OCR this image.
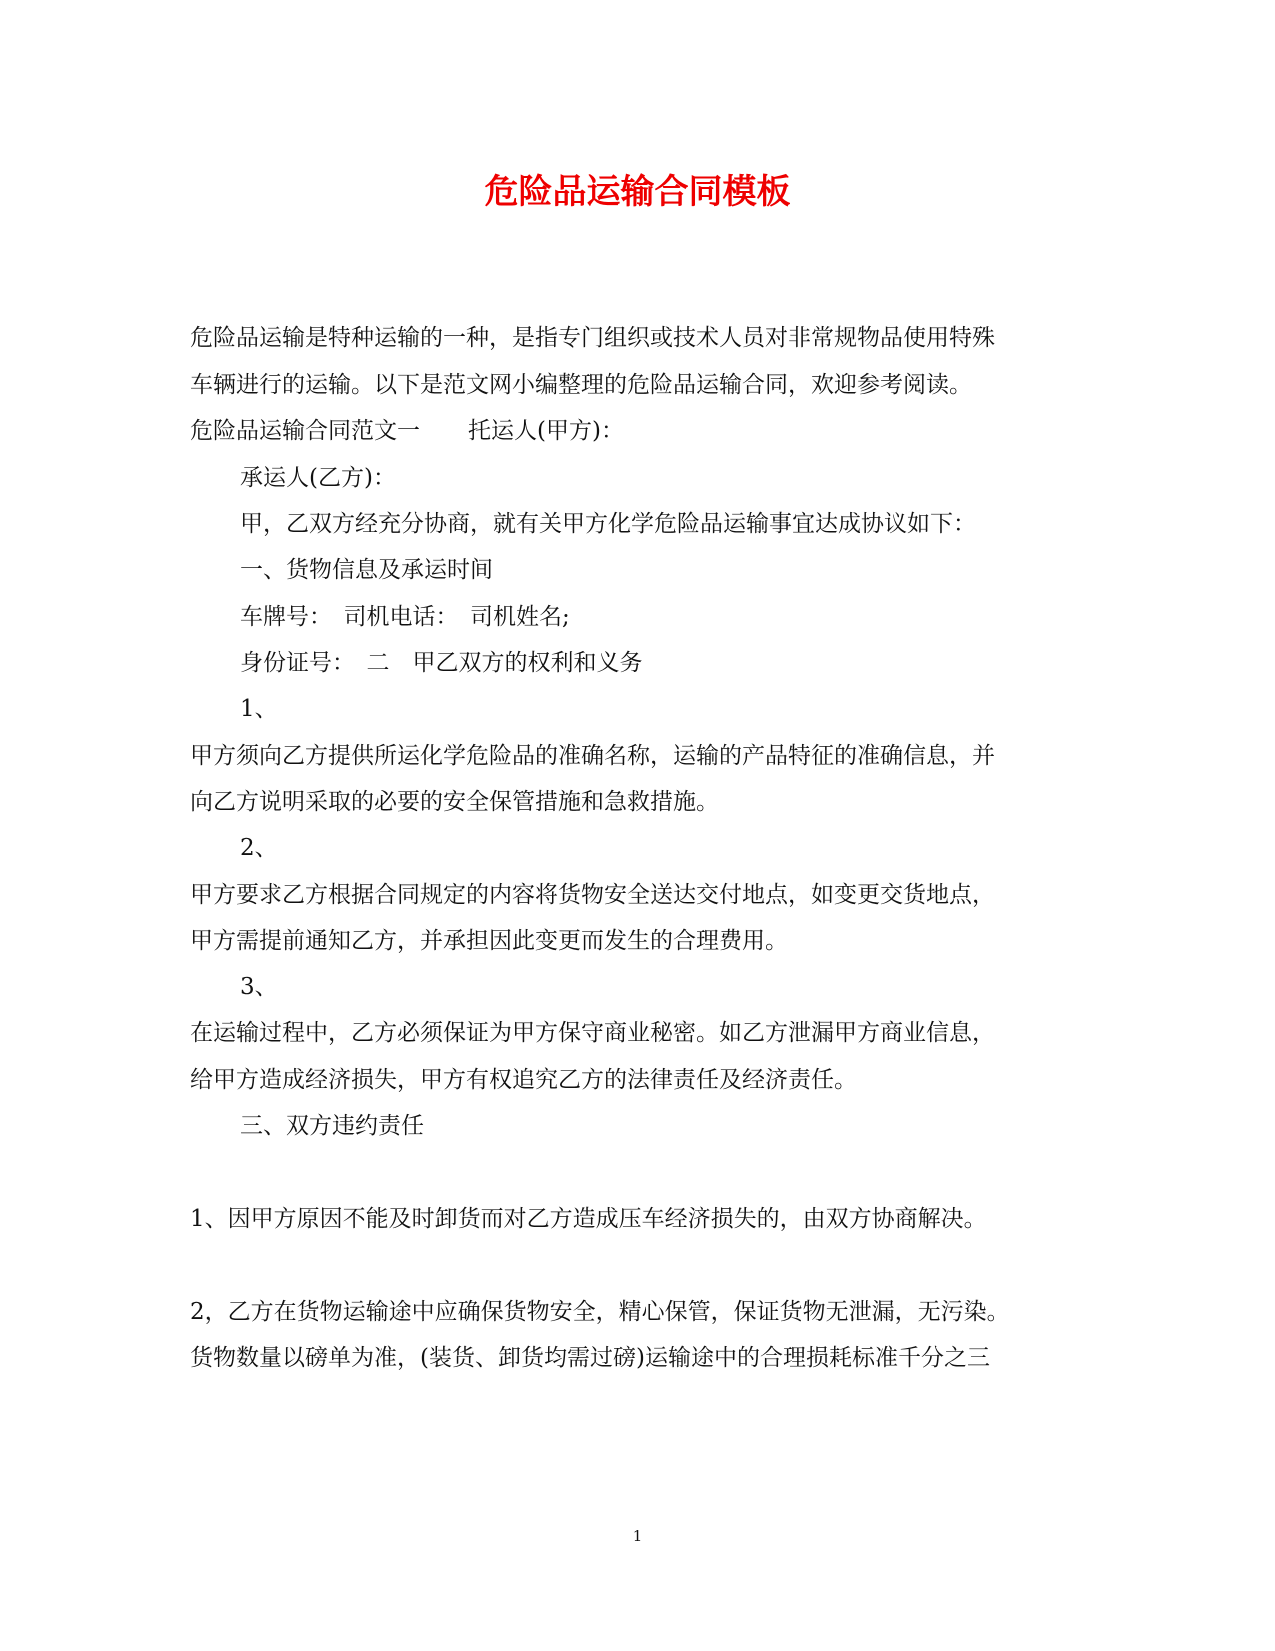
危险品运输合同模板

危险品运输是特种运输的一种，是指专门组织或技术人员对非常规物品使用特殊

车辆进行的运输。以下是范文网小编整理的危险品运输合同，欢迎参考阅读。

危险品运输合同范文一 托运人(甲方)：

承运人(乙方)：

甲，乙双方经充分协商，就有关甲方化学危险品运输事宜达成协议如下：

一、货物信息及承运时间

车牌号：　司机电话：　司机姓名;

身份证号：　二　甲乙双方的权利和义务

1、

甲方须向乙方提供所运化学危险品的准确名称，运输的产品特征的准确信息，并

向乙方说明采取的必要的安全保管措施和急救措施。

2、

甲方要求乙方根据合同规定的内容将货物安全送达交付地点，如变更交货地点，

甲方需提前通知乙方，并承担因此变更而发生的合理费用。

3、

在运输过程中，乙方必须保证为甲方保守商业秘密。如乙方泄漏甲方商业信息，

给甲方造成经济损失，甲方有权追究乙方的法律责任及经济责任。

三、双方违约责任

1、因甲方原因不能及时卸货而对乙方造成压车经济损失的，由双方协商解决。

2，乙方在货物运输途中应确保货物安全，精心保管，保证货物无泄漏，无污染。

货物数量以磅单为准，(装货、卸货均需过磅)运输途中的合理损耗标准千分之三

1
